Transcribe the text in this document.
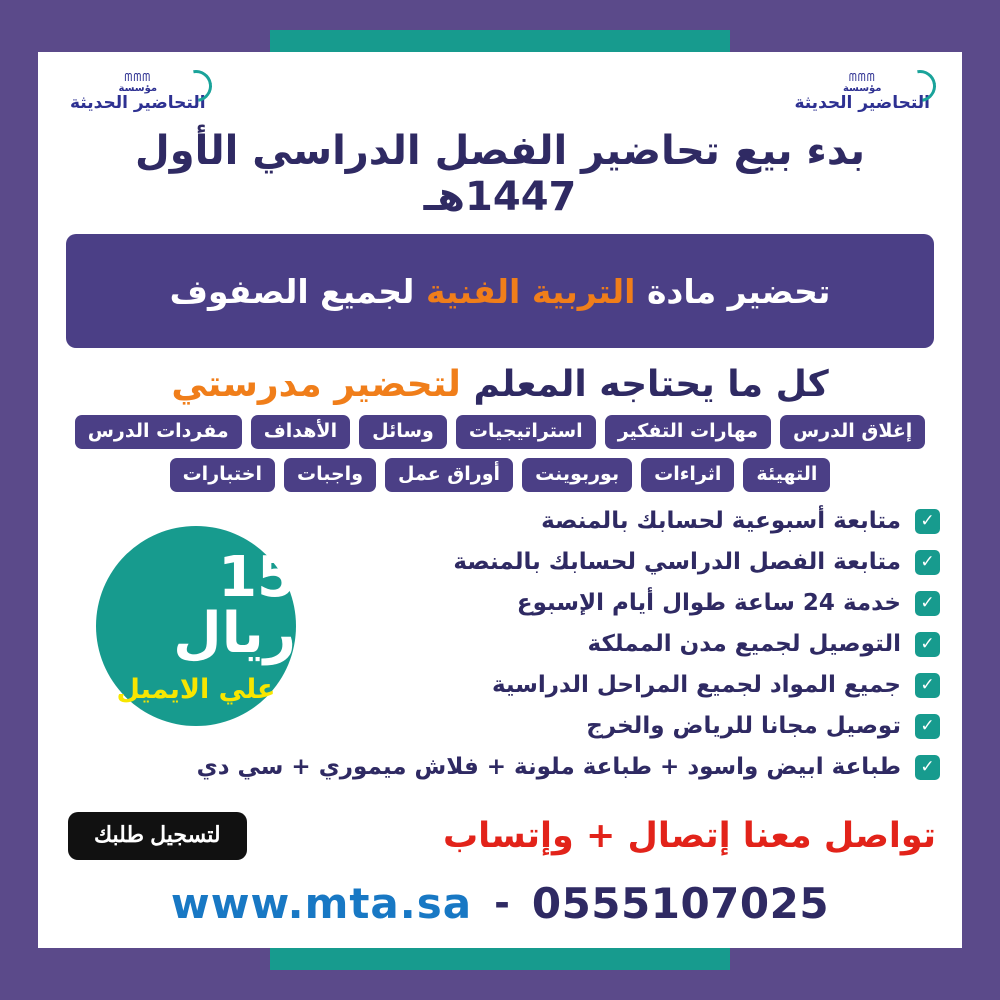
ᗰᗰᗰ
مؤسسة
التحاضير الحديثة
ᗰᗰᗰ
مؤسسة
التحاضير الحديثة
بدء بيع تحاضير الفصل الدراسي الأول 1447هـ
تحضير مادة التربية الفنية لجميع الصفوف
كل ما يحتاجه المعلم لتحضير مدرستي
إغلاق الدرس
مهارات التفكير
استراتيجيات
وسائل
الأهداف
مفردات الدرس
التهيئة
اثراءات
بوربوينت
أوراق عمل
واجبات
اختبارات
15 ريال
علي الايميل
✓
متابعة أسبوعية لحسابك بالمنصة
✓
متابعة الفصل الدراسي لحسابك بالمنصة
✓
خدمة 24 ساعة طوال أيام الإسبوع
✓
التوصيل لجميع مدن المملكة
✓
جميع المواد لجميع المراحل الدراسية
✓
توصيل مجانا للرياض والخرج
✓
طباعة ابيض واسود + طباعة ملونة + فلاش ميموري + سي دي
تواصل معنا إتصال + وإتساب
لتسجيل طلبك
www.mta.sa - 0555107025
